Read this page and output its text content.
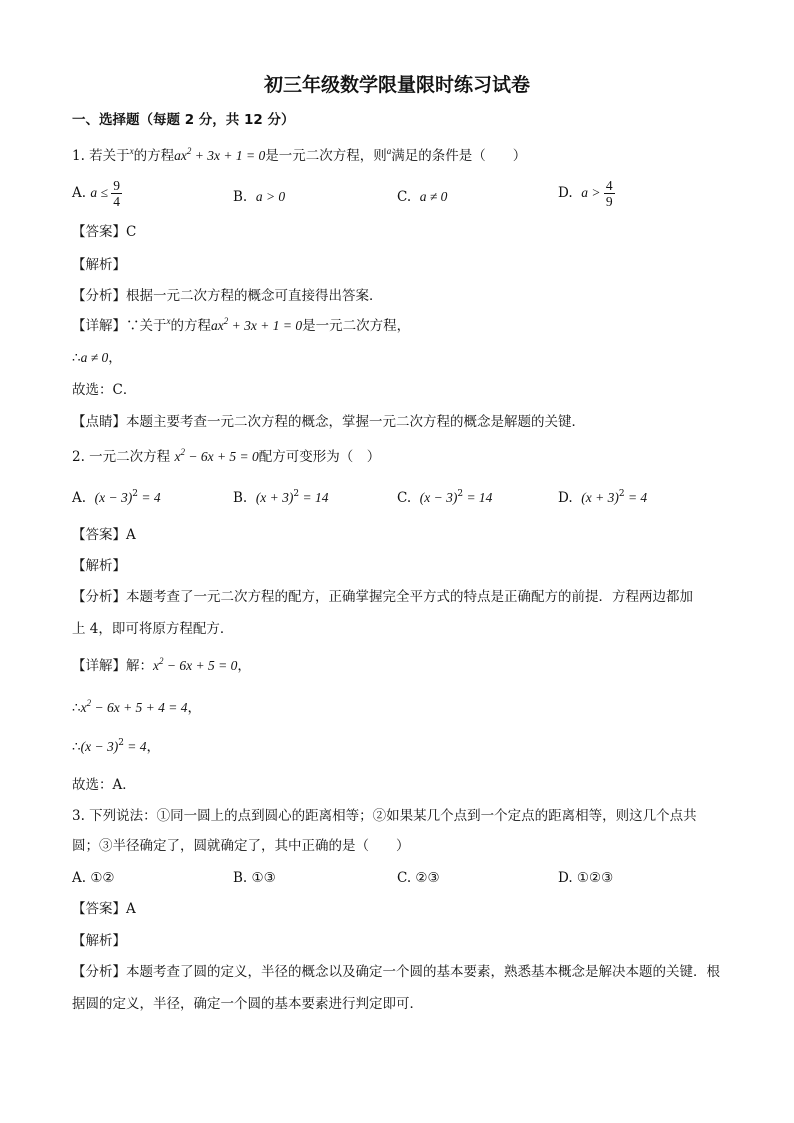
初三年级数学限量限时练习试卷
一、选择题（每题 2 分，共 12 分）
1. 若关于$^x$的方程$ax^2 + 3x + 1 = 0$是一元二次方程，则$^a$满足的条件是（　　）
A. $a \le \frac{9}{4}$	B. a > 0	C. a ≠ 0	D. $a > \frac{4}{9}$
【答案】C
【解析】
【分析】根据一元二次方程的概念可直接得出答案．
【详解】∵关于$^x$的方程$ax^2 + 3x + 1 = 0$是一元二次方程，
∴a ≠ 0，
故选：C．
【点睛】本题主要考查一元二次方程的概念，掌握一元二次方程的概念是解题的关键．
2. 一元二次方程 $x^2 - 6x + 5 = 0$配方可变形为（　）
A. $(x - 3)^2 = 4$	B. $(x + 3)^2 = 14$	C. $(x - 3)^2 = 14$	D. $(x + 3)^2 = 4$
【答案】A
【解析】
【分析】本题考查了一元二次方程的配方，正确掌握完全平方式的特点是正确配方的前提．方程两边都加
上 4，即可将原方程配方．
【详解】解：$x^2 - 6x + 5 = 0$，
$\therefore x^2 - 6x + 5 + 4 = 4$，
∴(x − 3)$^2$ = 4，
故选：A．
3. 下列说法：①同一圆上的点到圆心的距离相等；②如果某几个点到一个定点的距离相等，则这几个点共
圆；③半径确定了，圆就确定了，其中正确的是（　　）
A. ①②	B. ①③	C. ②③	D. ①②③
【答案】A
【解析】
【分析】本题考查了圆的定义，半径的概念以及确定一个圆的基本要素，熟悉基本概念是解决本题的关键．根
据圆的定义，半径，确定一个圆的基本要素进行判定即可．
